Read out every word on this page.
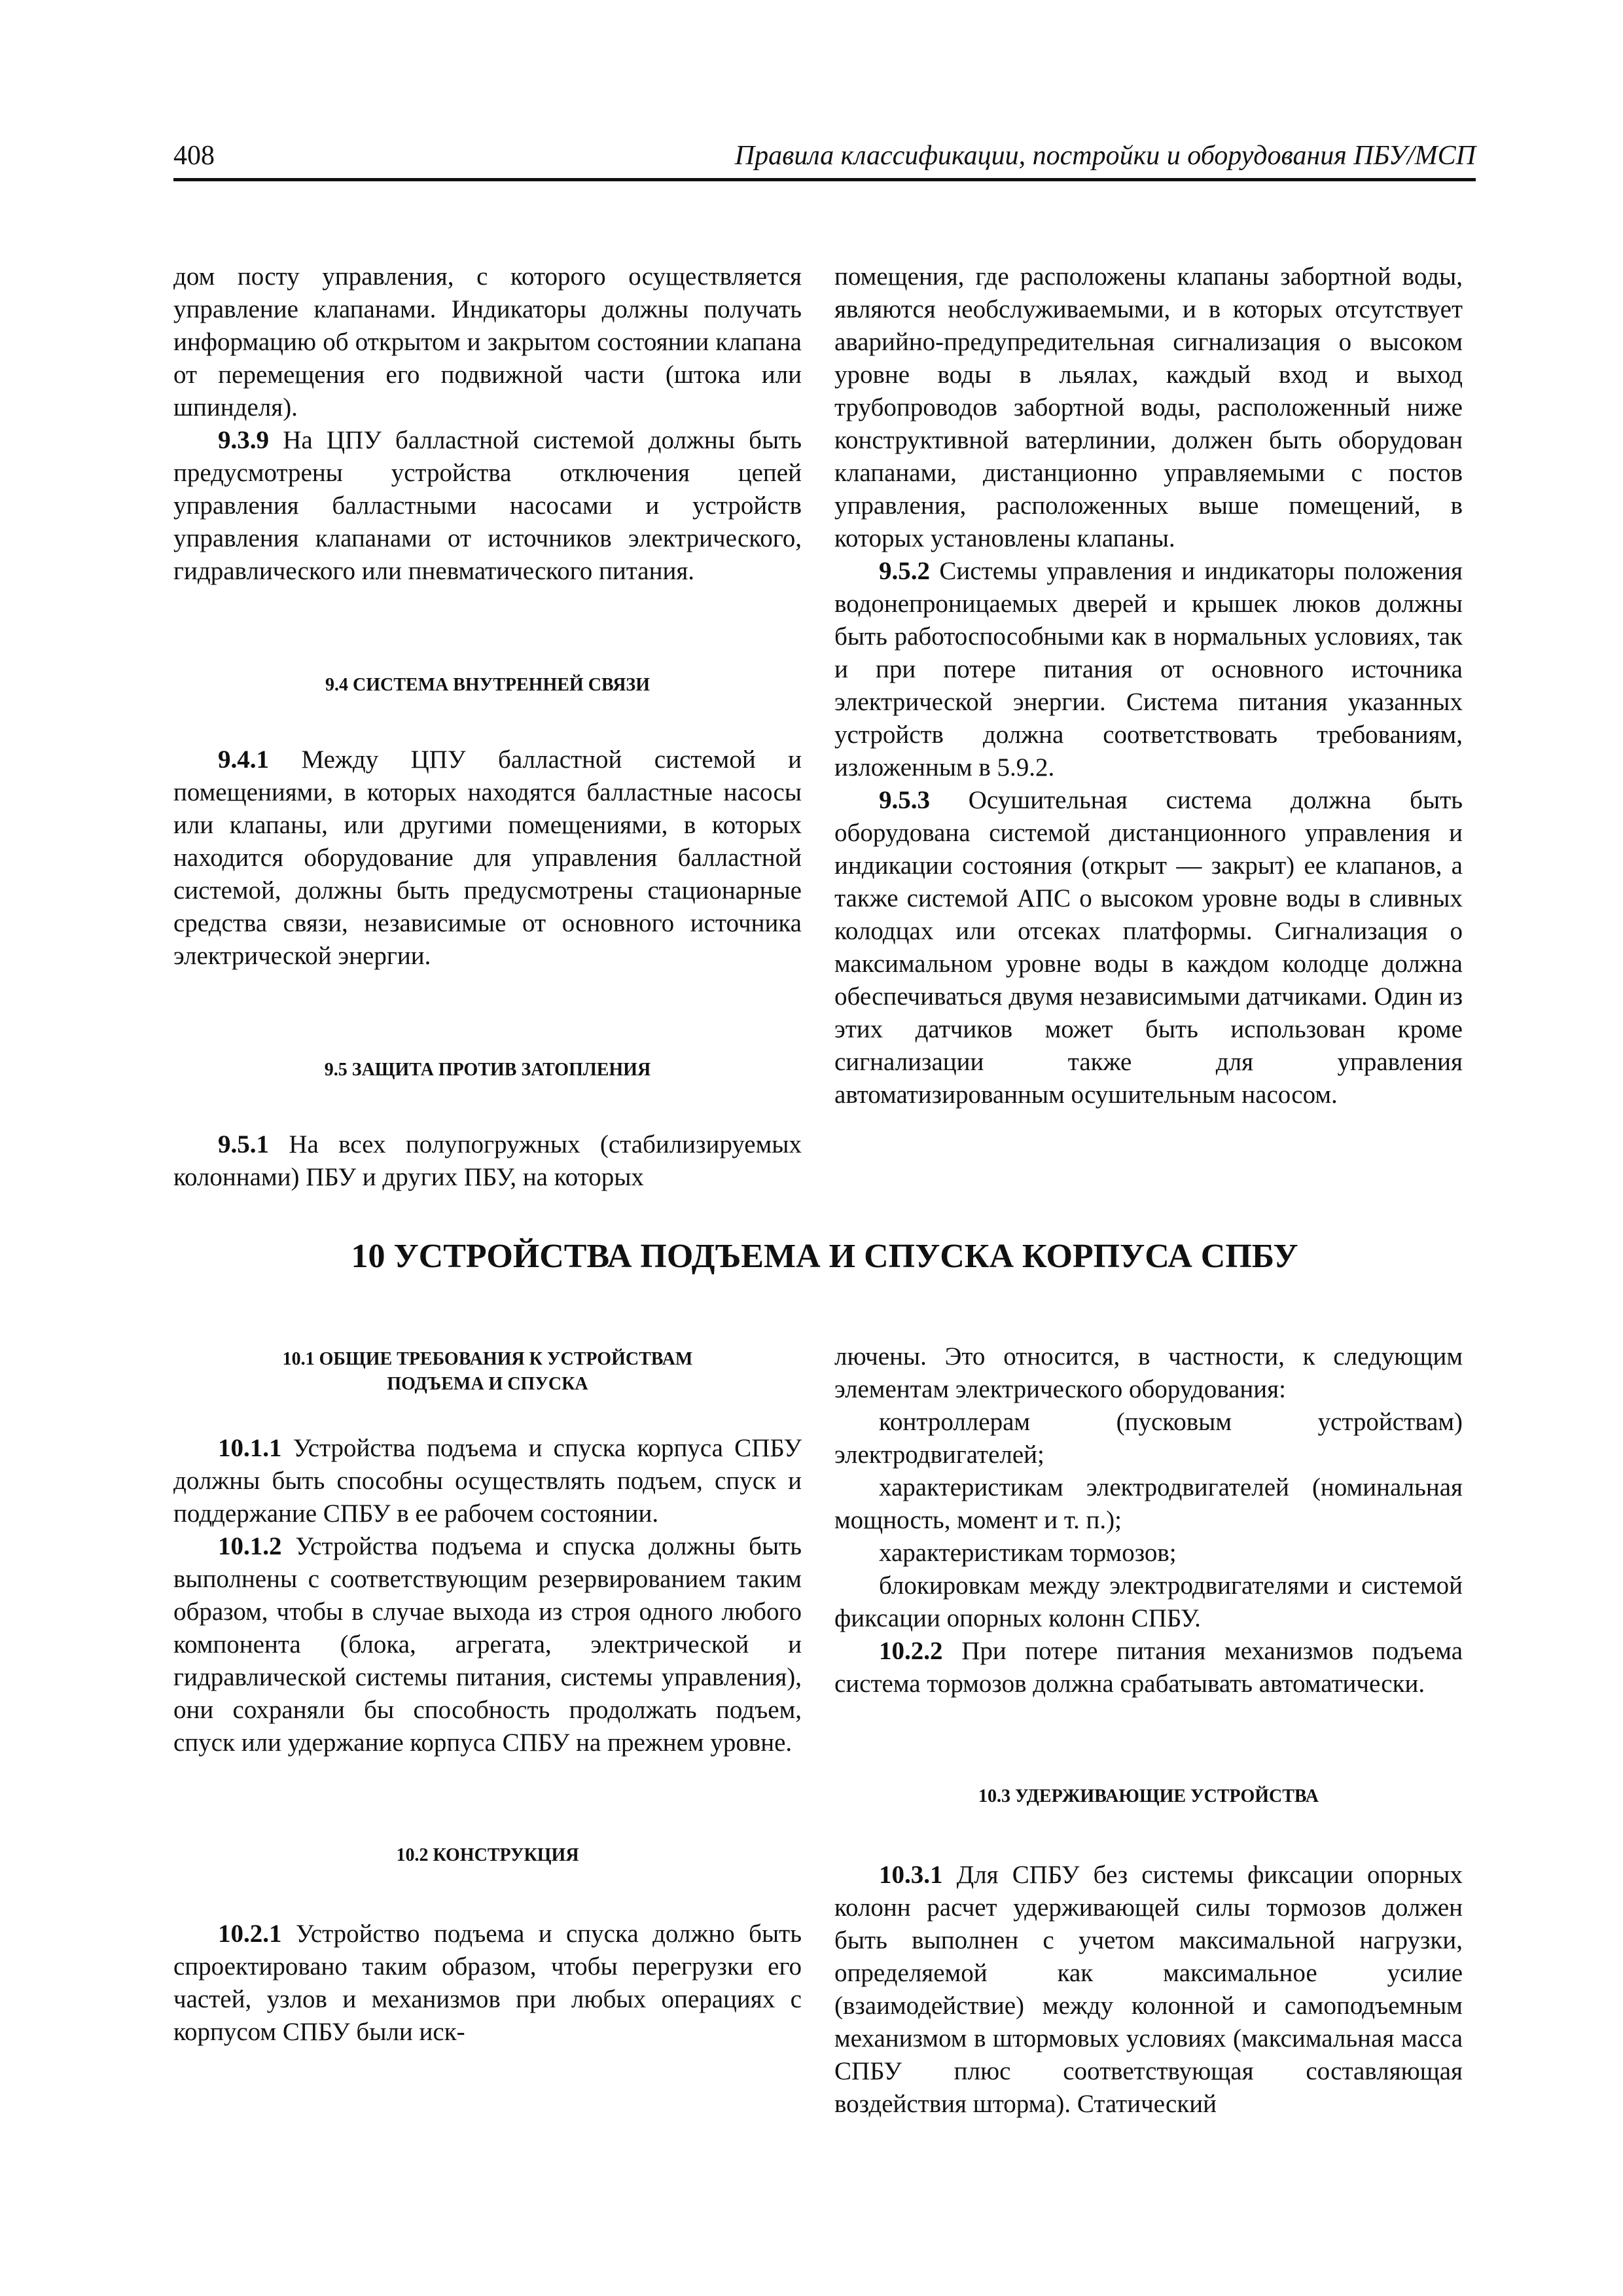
408	Правила классификации, постройки и оборудования ПБУ/МСП

дом посту управления, с которого осуществляется управление клапанами. Индикаторы должны получать информацию об открытом и закрытом состоянии клапана от перемещения его подвижной части (штока или шпинделя).

9.3.9 На ЦПУ балластной системой должны быть предусмотрены устройства отключения цепей управления балластными насосами и устройств управления клапанами от источников электрического, гидравлического или пневматического питания.

9.4 СИСТЕМА ВНУТРЕННЕЙ СВЯЗИ

9.4.1 Между ЦПУ балластной системой и помещениями, в которых находятся балластные насосы или клапаны, или другими помещениями, в которых находится оборудование для управления балластной системой, должны быть предусмотрены стационарные средства связи, независимые от основного источника электрической энергии.

9.5 ЗАЩИТА ПРОТИВ ЗАТОПЛЕНИЯ

9.5.1 На всех полупогружных (стабилизируемых колоннами) ПБУ и других ПБУ, на которых

помещения, где расположены клапаны забортной воды, являются необслуживаемыми, и в которых отсутствует аварийно-предупредительная сигнализация о высоком уровне воды в льялах, каждый вход и выход трубопроводов забортной воды, расположенный ниже конструктивной ватерлинии, должен быть оборудован клапанами, дистанционно управляемыми с постов управления, расположенных выше помещений, в которых установлены клапаны.

9.5.2 Системы управления и индикаторы положения водонепроницаемых дверей и крышек люков должны быть работоспособными как в нормальных условиях, так и при потере питания от основного источника электрической энергии. Система питания указанных устройств должна соответствовать требованиям, изложенным в 5.9.2.

9.5.3 Осушительная система должна быть оборудована системой дистанционного управления и индикации состояния (открыт — закрыт) ее клапанов, а также системой АПС о высоком уровне воды в сливных колодцах или отсеках платформы. Сигнализация о максимальном уровне воды в каждом колодце должна обеспечиваться двумя независимыми датчиками. Один из этих датчиков может быть использован кроме сигнализации также для управления автоматизированным осушительным насосом.

10 УСТРОЙСТВА ПОДЪЕМА И СПУСКА КОРПУСА СПБУ
10.1 ОБЩИЕ ТРЕБОВАНИЯ К УСТРОЙСТВАМ
ПОДЪЕМА И СПУСКА

10.1.1 Устройства подъема и спуска корпуса СПБУ должны быть способны осуществлять подъем, спуск и поддержание СПБУ в ее рабочем состоянии.

10.1.2 Устройства подъема и спуска должны быть выполнены с соответствующим резервированием таким образом, чтобы в случае выхода из строя одного любого компонента (блока, агрегата, электрической и гидравлической системы питания, системы управления), они сохраняли бы способность продолжать подъем, спуск или удержание корпуса СПБУ на прежнем уровне.

10.2 КОНСТРУКЦИЯ

10.2.1 Устройство подъема и спуска должно быть спроектировано таким образом, чтобы перегрузки его частей, узлов и механизмов при любых операциях с корпусом СПБУ были иск-

лючены. Это относится, в частности, к следующим элементам электрического оборудования:

контроллерам (пусковым устройствам) электродвигателей;

характеристикам электродвигателей (номинальная мощность, момент и т. п.);

характеристикам тормозов;

блокировкам между электродвигателями и системой фиксации опорных колонн СПБУ.

10.2.2 При потере питания механизмов подъема система тормозов должна срабатывать автоматически.

10.3 УДЕРЖИВАЮЩИЕ УСТРОЙСТВА

10.3.1 Для СПБУ без системы фиксации опорных колонн расчет удерживающей силы тормозов должен быть выполнен с учетом максимальной нагрузки, определяемой как максимальное усилие (взаимодействие) между колонной и самоподъемным механизмом в штормовых условиях (максимальная масса СПБУ плюс соответствующая составляющая воздействия шторма). Статический
